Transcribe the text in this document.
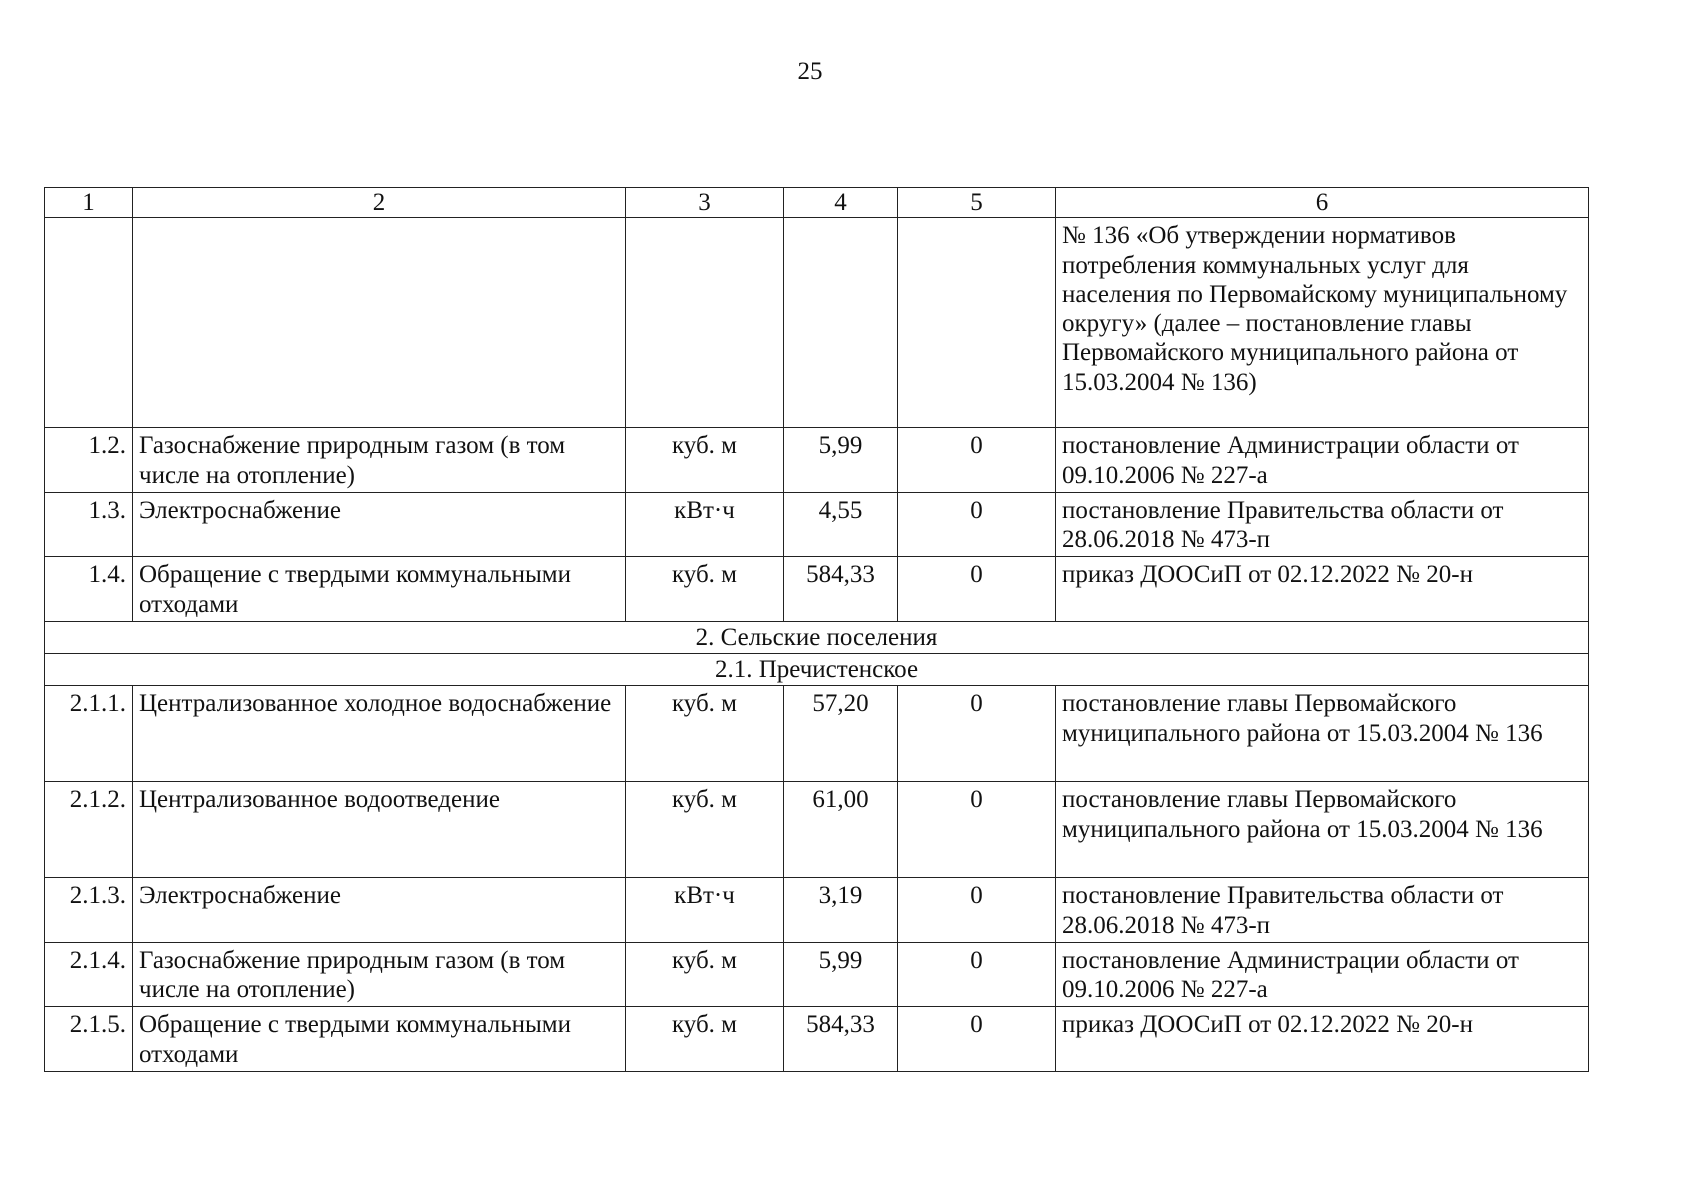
25
1	2	3	4	5	6
					№ 136 «Об утверждении нормативов потребления коммунальных услуг для населения по Первомайскому муниципальному округу» (далее – постановление главы Первомайского муниципального района от 15.03.2004 № 136)
1.2.	Газоснабжение природным газом (в том числе на отопление)	куб. м	5,99	0	постановление Администрации области от 09.10.2006 № 227-а
1.3.	Электроснабжение	кВт·ч	4,55	0	постановление Правительства области от 28.06.2018 № 473-п
1.4.	Обращение с твердыми коммунальными отходами	куб. м	584,33	0	приказ ДООСиП от 02.12.2022 № 20-н
2. Сельские поселения					
2.1. Пречистенское					
2.1.1.	Централизованное холодное водоснабжение	куб. м	57,20	0	постановление главы Первомайского муниципального района от 15.03.2004 № 136
2.1.2.	Централизованное водоотведение	куб. м	61,00	0	постановление главы Первомайского муниципального района от 15.03.2004 № 136
2.1.3.	Электроснабжение	кВт·ч	3,19	0	постановление Правительства области от 28.06.2018 № 473-п
2.1.4.	Газоснабжение природным газом (в том числе на отопление)	куб. м	5,99	0	постановление Администрации области от 09.10.2006 № 227-а
2.1.5.	Обращение с твердыми коммунальными отходами	куб. м	584,33	0	приказ ДООСиП от 02.12.2022 № 20-н
